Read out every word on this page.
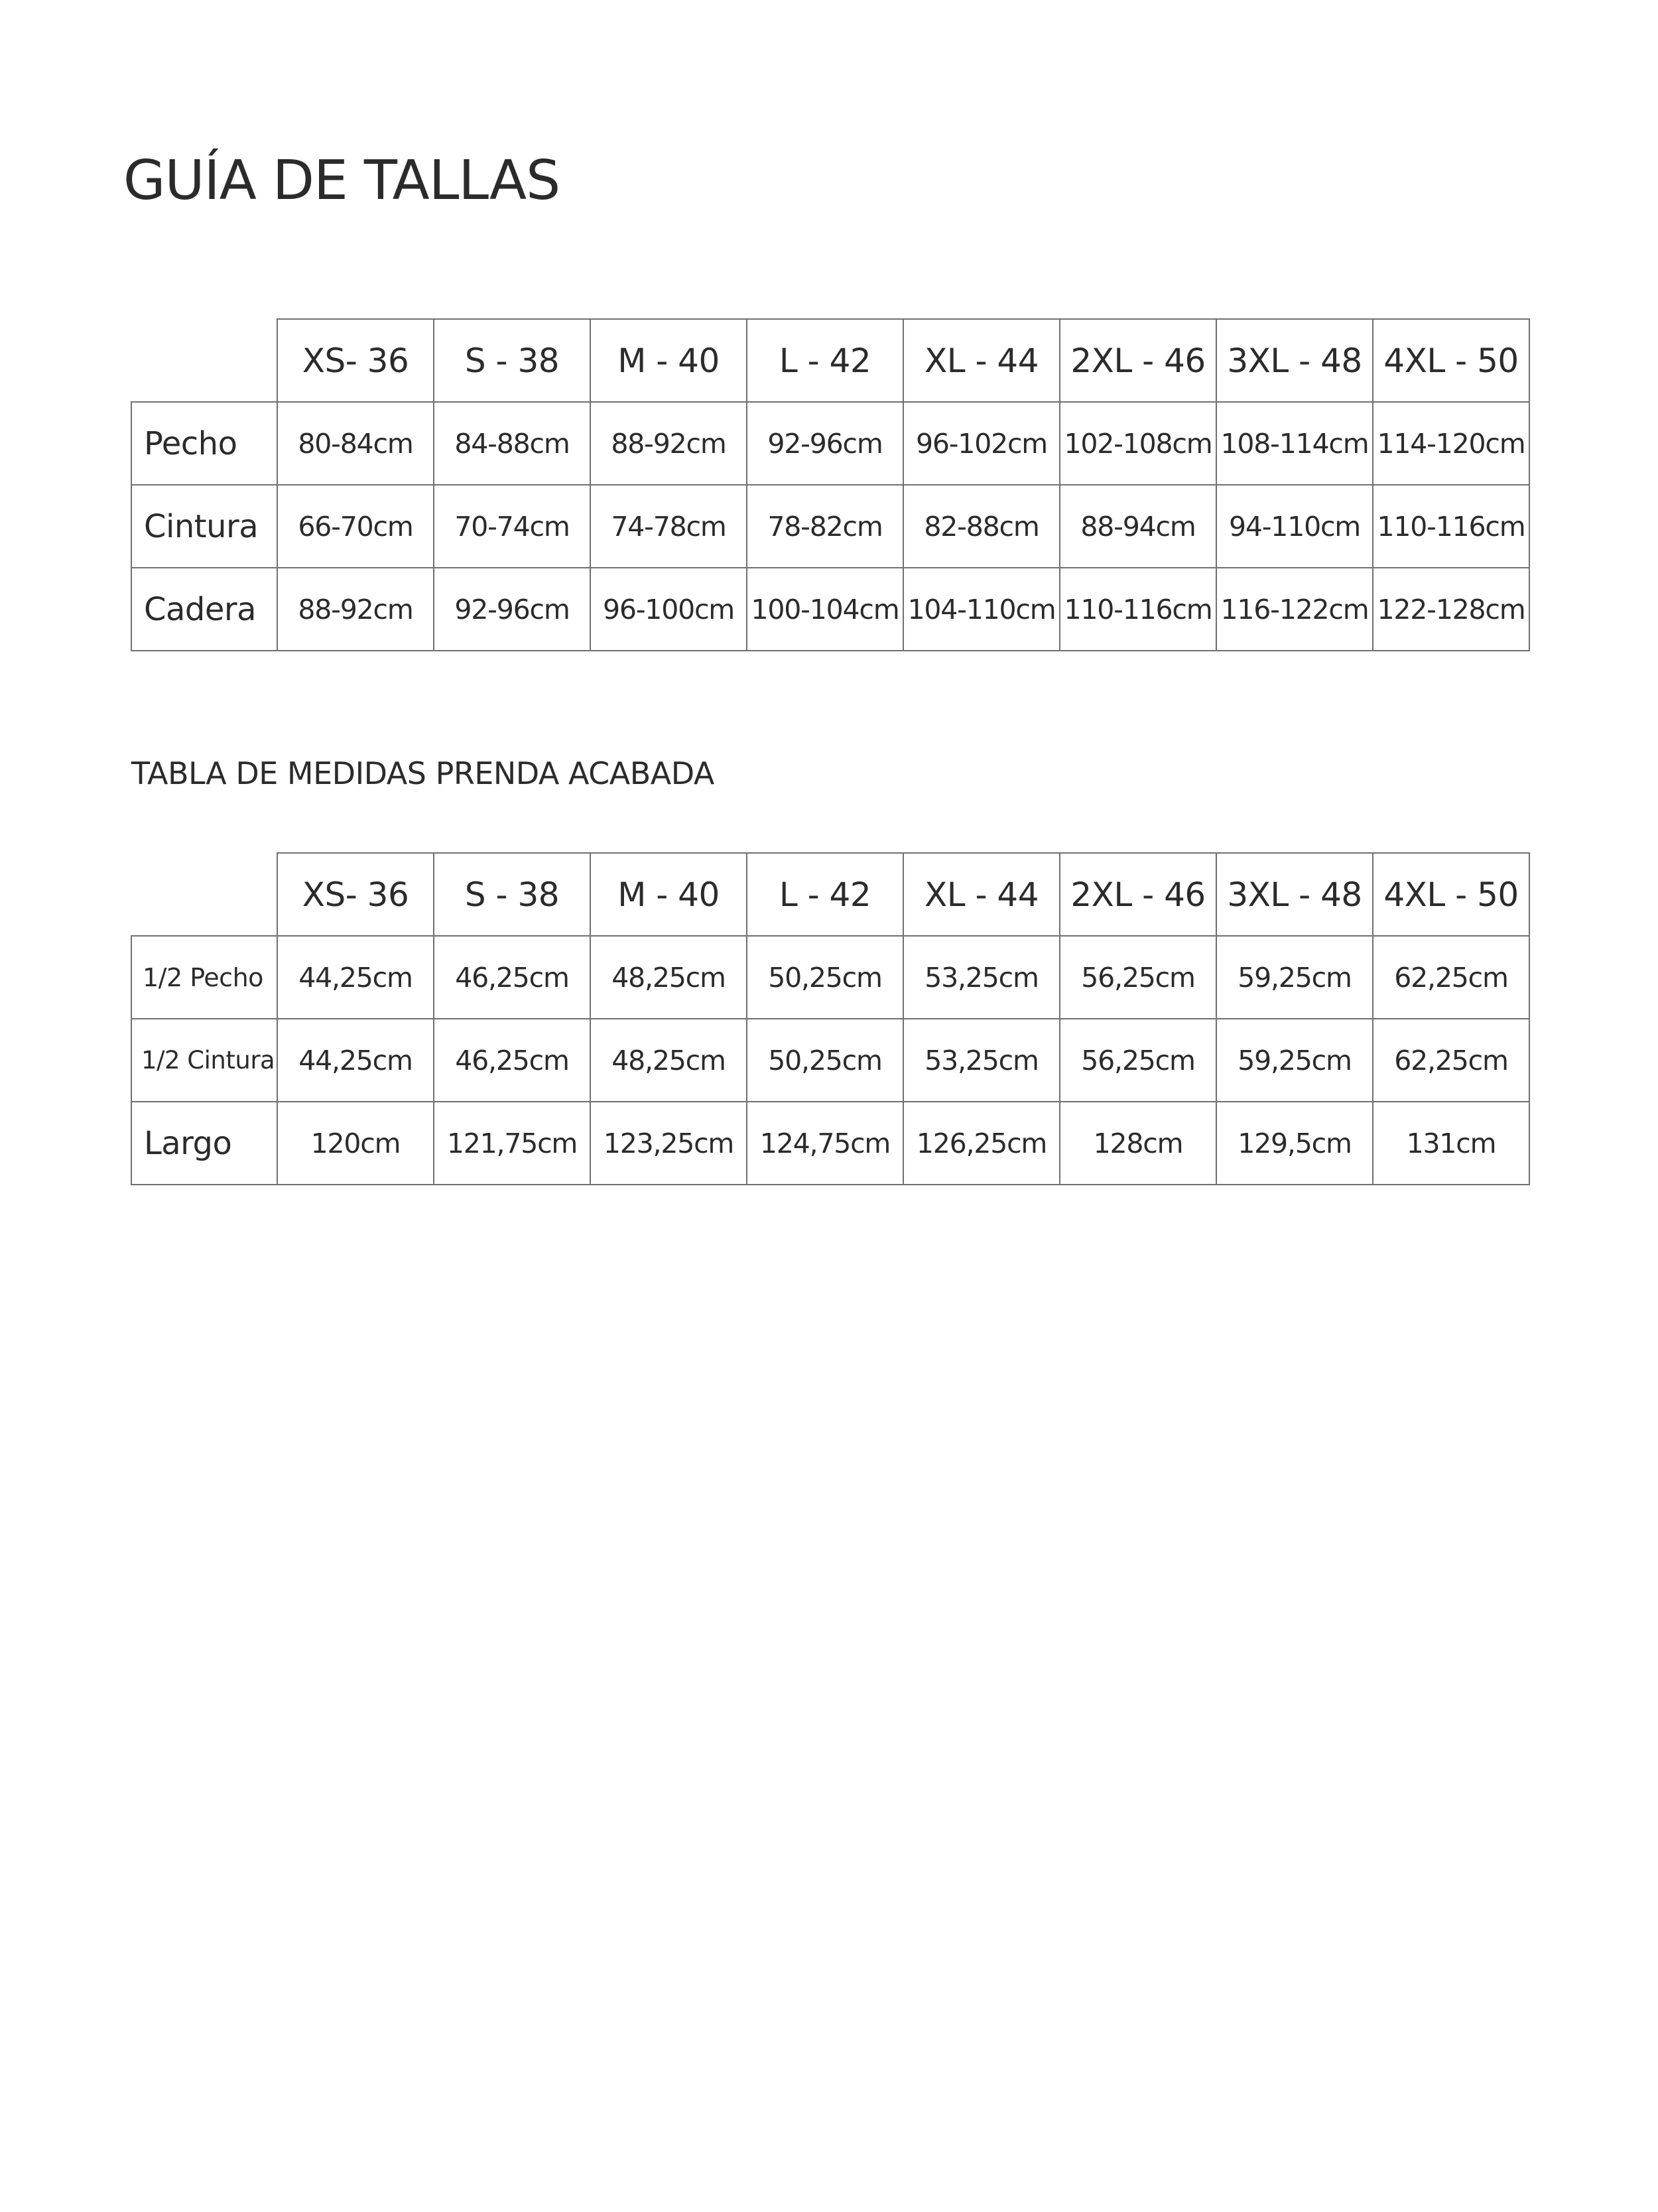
GUÍA DE TALLAS
	XS- 36	S - 38	M - 40	L - 42	XL - 44	2XL - 46	3XL - 48	4XL - 50
Pecho	80-84cm	84-88cm	88-92cm	92-96cm	96-102cm	102-108cm	108-114cm	114-120cm
Cintura	66-70cm	70-74cm	74-78cm	78-82cm	82-88cm	88-94cm	94-110cm	110-116cm
Cadera	88-92cm	92-96cm	96-100cm	100-104cm	104-110cm	110-116cm	116-122cm	122-128cm
TABLA DE MEDIDAS PRENDA ACABADA
	XS- 36	S - 38	M - 40	L - 42	XL - 44	2XL - 46	3XL - 48	4XL - 50
1/2 Pecho	44,25cm	46,25cm	48,25cm	50,25cm	53,25cm	56,25cm	59,25cm	62,25cm
1/2 Cintura	44,25cm	46,25cm	48,25cm	50,25cm	53,25cm	56,25cm	59,25cm	62,25cm
Largo	120cm	121,75cm	123,25cm	124,75cm	126,25cm	128cm	129,5cm	131cm
